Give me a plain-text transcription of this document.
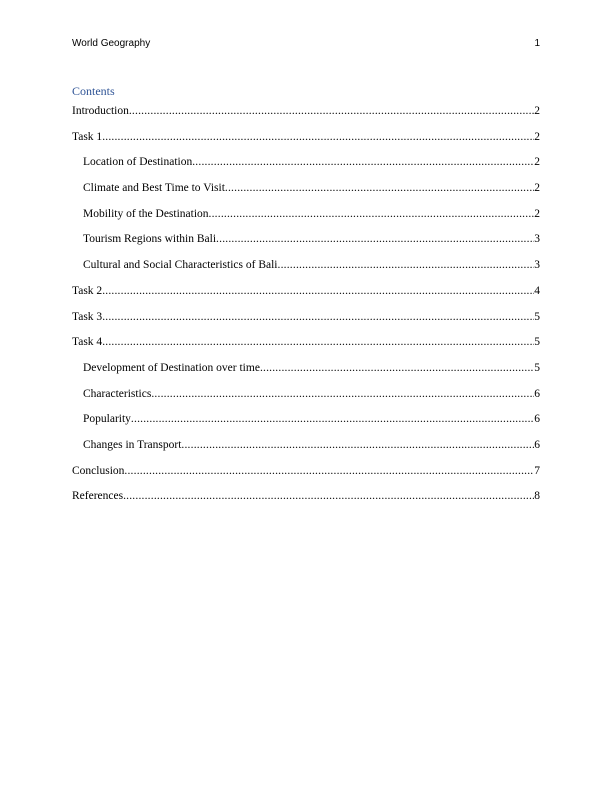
World Geography	1
Contents
Introduction .....	2
Task 1 .....	2
Location of Destination .....	2
Climate and Best Time to Visit .....	2
Mobility of the Destination .....	2
Tourism Regions within Bali .....	3
Cultural and Social Characteristics of Bali .....	3
Task 2 .....	4
Task 3 .....	5
Task 4 .....	5
Development of Destination over time .....	5
Characteristics .....	6
Popularity .....	6
Changes in Transport .....	6
Conclusion .....	7
References .....	8
